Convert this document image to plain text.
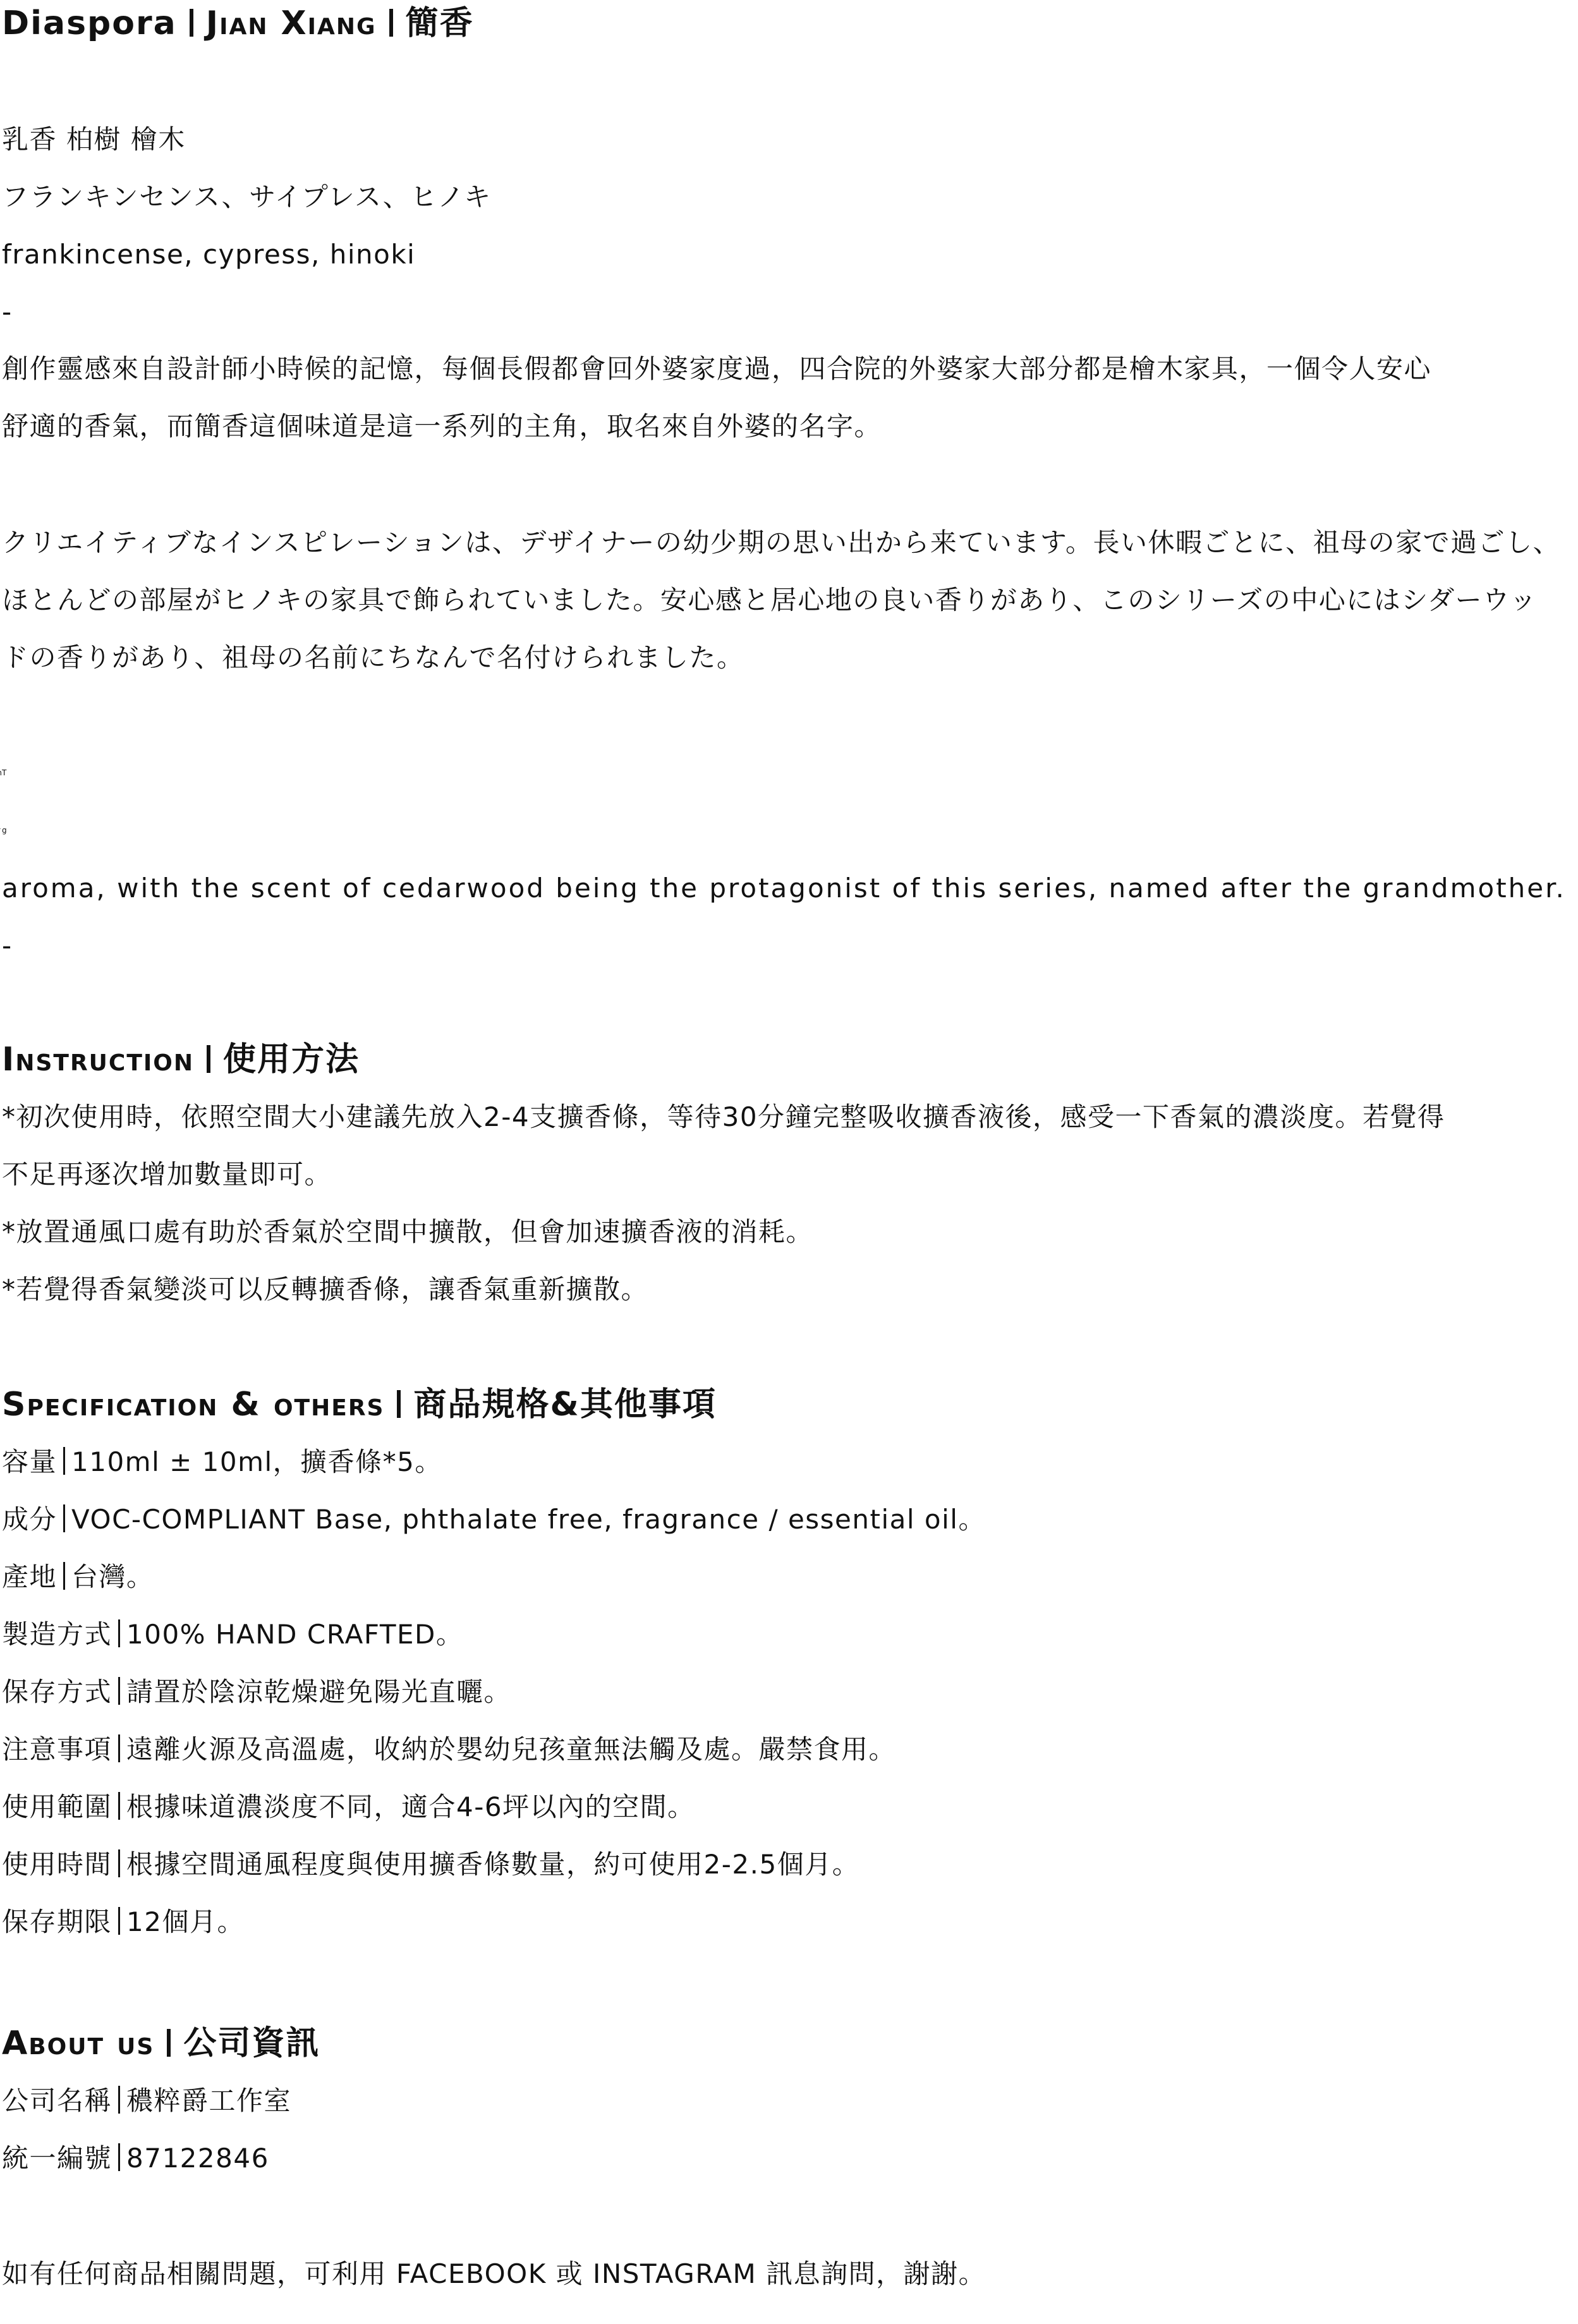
Diaspora Jian Xiang 簡香
乳香 柏樹 檜木
フランキンセンス、サイプレス、ヒノキ
frankincense, cypress, hinoki
-
創作靈感來自設計師小時候的記憶，每個長假都會回外婆家度過，四合院的外婆家大部分都是檜木家具，一個令人安心
舒適的香氣，而簡香這個味道是這一系列的主角，取名來自外婆的名字。
クリエイティブなインスピレーションは、デザイナーの幼少期の思い出から来ています。長い休暇ごとに、祖母の家で過ごし、
ほとんどの部屋がヒノキの家具で飾られていました。安心感と居心地の良い香りがあり、このシリーズの中心にはシダーウッ
ドの香りがあり、祖母の名前にちなんで名付けられました。
aroma, with the scent of cedarwood being the protagonist of this series, named after the grandmother.
-
Instruction 使用方法
*初次使用時，依照空間大小建議先放入2-4支擴香條，等待30分鐘完整吸收擴香液後，感受一下香氣的濃淡度。若覺得
不足再逐次增加數量即可。
*放置通風口處有助於香氣於空間中擴散，但會加速擴香液的消耗。
*若覺得香氣變淡可以反轉擴香條，讓香氣重新擴散。
Specification & others 商品規格&其他事項
容量 110ml ± 10ml，擴香條*5。
成分 VOC-COMPLIANT Base, phthalate free, fragrance / essential oil。
產地 台灣。
製造方式 100% HAND CRAFTED。
保存方式 請置於陰涼乾燥避免陽光直曬。
注意事項 遠離火源及高溫處，收納於嬰幼兒孩童無法觸及處。嚴禁食用。
使用範圍 根據味道濃淡度不同，適合4-6坪以內的空間。
使用時間 根據空間通風程度與使用擴香條數量，約可使用2-2.5個月。
保存期限 12個月。
About us 公司資訊
公司名稱 穠粹爵工作室
統一編號 87122846
如有任何商品相關問題，可利用 FACEBOOK 或 INSTAGRAM 訊息詢問，謝謝。
